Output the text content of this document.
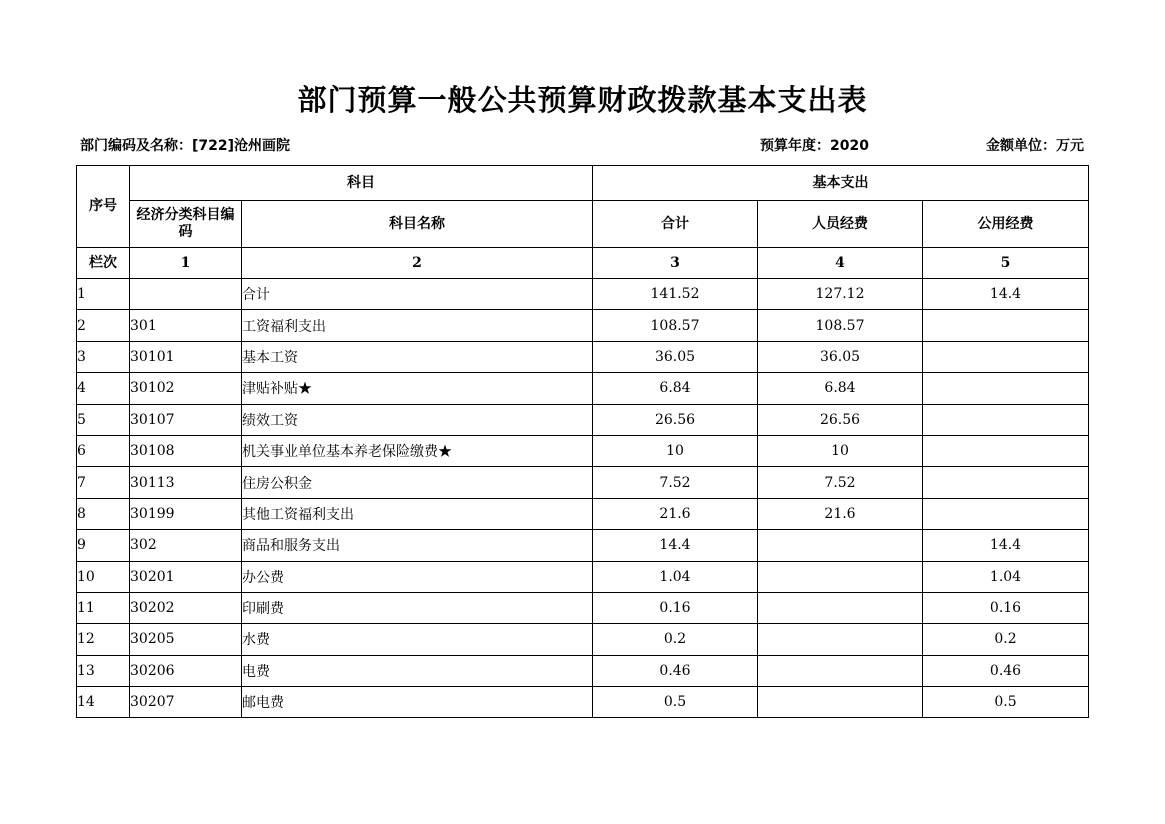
部门预算一般公共预算财政拨款基本支出表
部门编码及名称：[722]沧州画院	预算年度：2020	金额单位：万元
序号	科目		基本支出		
	经济分类科目编码	科目名称	合计	人员经费	公用经费
栏次	1	2	3	4	5
1		合计	141.52	127.12	14.4
2	301	工资福利支出	108.57	108.57	
3	30101	基本工资	36.05	36.05	
4	30102	津贴补贴★	6.84	6.84	
5	30107	绩效工资	26.56	26.56	
6	30108	机关事业单位基本养老保险缴费★	10	10	
7	30113	住房公积金	7.52	7.52	
8	30199	其他工资福利支出	21.6	21.6	
9	302	商品和服务支出	14.4		14.4
10	30201	办公费	1.04		1.04
11	30202	印刷费	0.16		0.16
12	30205	水费	0.2		0.2
13	30206	电费	0.46		0.46
14	30207	邮电费	0.5		0.5
